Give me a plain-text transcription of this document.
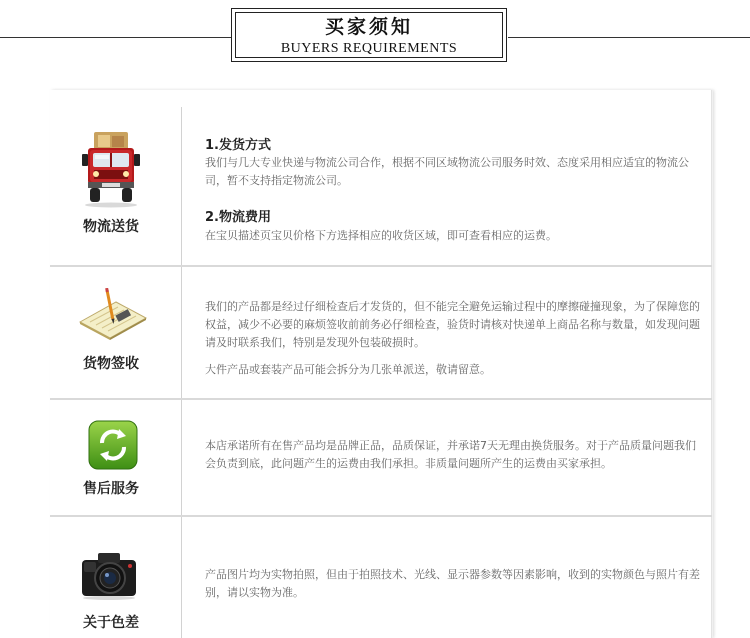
买家须知
BUYERS REQUIREMENTS
物流送货
1.发货方式
我们与几大专业快递与物流公司合作，根据不同区域物流公司服务时效、态度采用相应适宜的物流公司，暂不支持指定物流公司。
2.物流费用
在宝贝描述页宝贝价格下方选择相应的收货区域，即可查看相应的运费。
货物签收
我们的产品都是经过仔细检查后才发货的，但不能完全避免运输过程中的摩擦碰撞现象，为了保障您的权益，减少不必要的麻烦签收前前务必仔细检查，验货时请核对快递单上商品名称与数量，如发现问题请及时联系我们，特别是发现外包装破损时。
大件产品或套装产品可能会拆分为几张单派送，敬请留意。
售后服务
本店承诺所有在售产品均是品牌正品，品质保证，并承诺7天无理由换货服务。对于产品质量问题我们会负责到底，此问题产生的运费由我们承担。非质量问题所产生的运费由买家承担。
关于色差
产品图片均为实物拍照，但由于拍照技术、光线、显示器参数等因素影响，收到的实物颜色与照片有差别，请以实物为准。
